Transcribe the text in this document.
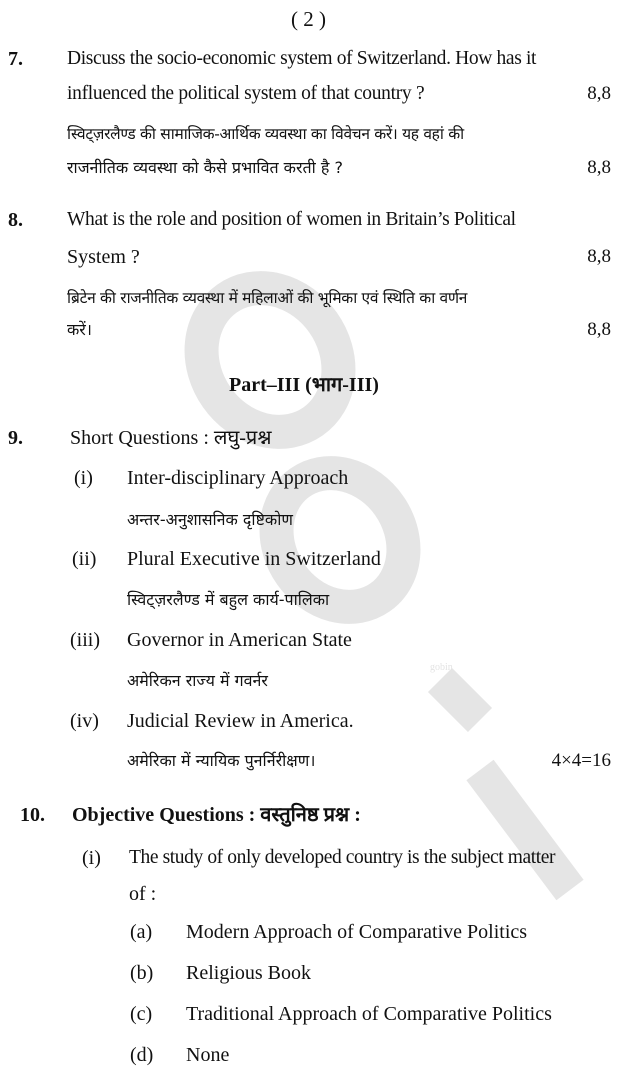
gobin
( 2 )
7. Discuss the socio-economic system of Switzerland. How has it
influenced the political system of that country ?	8,8
स्विट्ज़रलैण्ड की सामाजिक-आर्थिक व्यवस्था का विवेचन करें। यह वहां की
राजनीतिक व्यवस्था को कैसे प्रभावित करती है ?	8,8
8. What is the role and position of women in Britain’s Political
System ?	8,8
ब्रिटेन की राजनीतिक व्यवस्था में महिलाओं की भूमिका एवं स्थिति का वर्णन
करें।	8,8
Part–III (भाग-III)
9. Short Questions : लघु-प्रश्न
(i) Inter-disciplinary Approach
अन्तर-अनुशासनिक दृष्टिकोण
(ii) Plural Executive in Switzerland
स्विट्ज़रलैण्ड में बहुल कार्य-पालिका
(iii) Governor in American State
अमेरिकन राज्य में गवर्नर
(iv) Judicial Review in America.
अमेरिका में न्यायिक पुनर्निरीक्षण।	4×4=16
10. Objective Questions : वस्तुनिष्ठ प्रश्न :
(i) The study of only developed country is the subject matter
of :
(a) Modern Approach of Comparative Politics
(b) Religious Book
(c) Traditional Approach of Comparative Politics
(d) None
